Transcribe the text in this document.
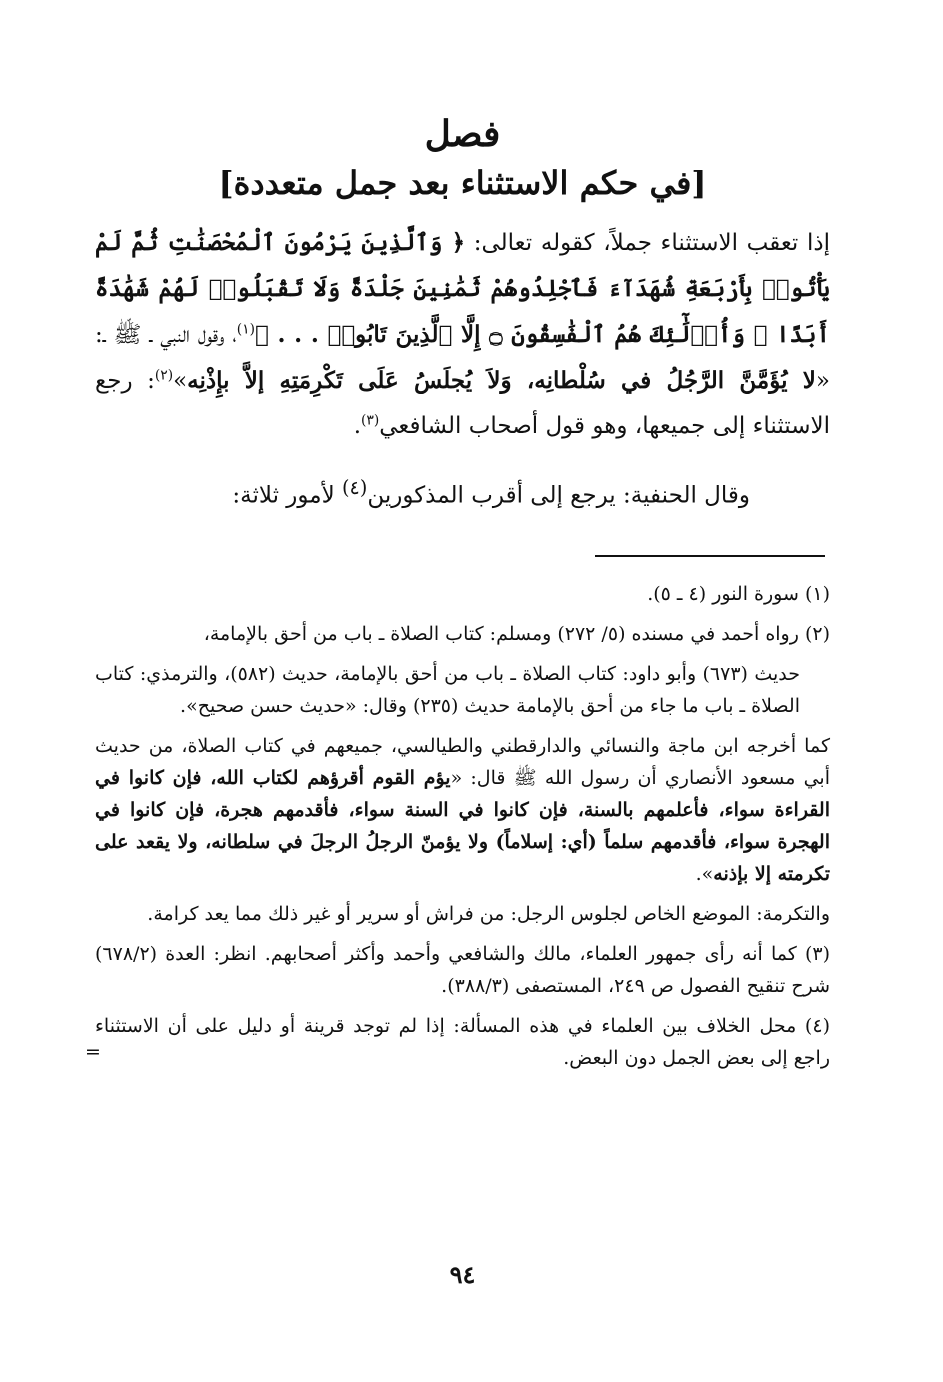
فصل
[في حكم الاستثناء بعد جمل متعددة]

إذا تعقب الاستثناء جملاً، كقوله تعالى: ﴿ وَٱلَّذِينَ يَرْمُونَ ٱلْمُحْصَنَٰتِ ثُمَّ لَمْ يَأْتُوا۟ بِأَرْبَعَةِ شُهَدَآءَ فَٱجْلِدُوهُمْ ثَمَٰنِينَ جَلْدَةً وَلَا تَقْبَلُوا۟ لَهُمْ شَهَٰدَةً أَبَدًا ۚ وَأُو۟لَٰٓئِكَ هُمُ ٱلْفَٰسِقُونَ ۝ إِلَّا ٱلَّذِينَ تَابُوا۟ . . . ﴾$^{(١)}$، وقول النبي ـ ﷺ ـ: «لا يُؤَمَّنَّ الرَّجُلُ في سُلْطانِه، وَلاَ يُجلَسُ عَلَى تَكْرِمَتِهِ إلاَّ بإِذْنِه»$^{(٢)}$: رجع الاستثناء إلى جميعها، وهو قول أصحاب الشافعي$^{(٣)}$.

وقال الحنفية: يرجع إلى أقرب المذكورين$^{(٤)}$ لأمور ثلاثة:

(١) سورة النور (٤ ـ ٥).

(٢) رواه أحمد في مسنده (٥/ ٢٧٢) ومسلم: كتاب الصلاة ـ باب من أحق بالإمامة،

حديث (٦٧٣) وأبو داود: كتاب الصلاة ـ باب من أحق بالإمامة، حديث (٥٨٢)، والترمذي: كتاب الصلاة ـ باب ما جاء من أحق بالإمامة حديث (٢٣٥) وقال: «حديث حسن صحيح».

كما أخرجه ابن ماجة والنسائي والدارقطني والطيالسي، جميعهم في كتاب الصلاة، من حديث أبي مسعود الأنصاري أن رسول الله ﷺ قال: «يؤم القوم أقرؤهم لكتاب الله، فإن كانوا في القراءة سواء، فأعلمهم بالسنة، فإن كانوا في السنة سواء، فأقدمهم هجرة، فإن كانوا في الهجرة سواء، فأقدمهم سلماً (أي: إسلاماً) ولا يؤمنّ الرجلُ الرجلَ في سلطانه، ولا يقعد على تكرمته إلا بإذنه».

والتكرمة: الموضع الخاص لجلوس الرجل: من فراش أو سرير أو غير ذلك مما يعد كرامة.

(٣) كما أنه رأى جمهور العلماء، مالك والشافعي وأحمد وأكثر أصحابهم. انظر: العدة (٦٧٨/٢) شرح تنقيح الفصول ص ٢٤٩، المستصفى (٣٨٨/٣).

(٤) محل الخلاف بين العلماء في هذه المسألة: إذا لم توجد قرينة أو دليل على أن الاستثناء راجع إلى بعض الجمل دون البعض.

=
٩٤
